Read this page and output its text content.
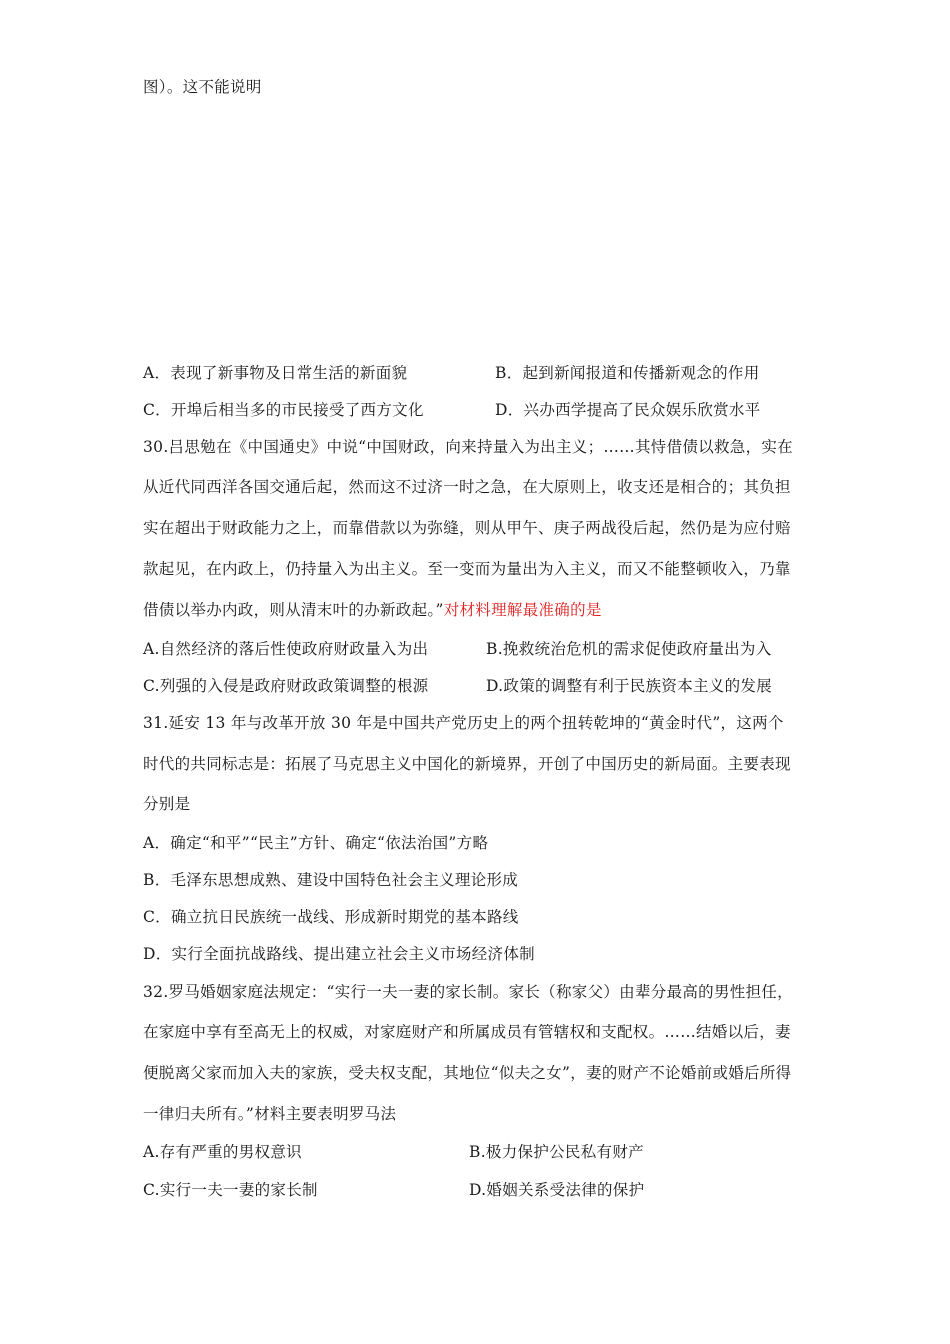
图）。这不能说明
A．表现了新事物及日常生活的新面貌	B．起到新闻报道和传播新观念的作用
C．开埠后相当多的市民接受了西方文化	D．兴办西学提高了民众娱乐欣赏水平
30.吕思勉在《中国通史》中说“中国财政，向来持量入为出主义；……其恃借债以救急，实在
从近代同西洋各国交通后起，然而这不过济一时之急，在大原则上，收支还是相合的；其负担
实在超出于财政能力之上，而靠借款以为弥缝，则从甲午、庚子两战役后起，然仍是为应付赔
款起见，在内政上，仍持量入为出主义。至一变而为量出为入主义，而又不能整顿收入，乃靠
借债以举办内政，则从清末叶的办新政起。”对材料理解最准确的是
A.自然经济的落后性使政府财政量入为出	B.挽救统治危机的需求促使政府量出为入
C.列强的入侵是政府财政政策调整的根源	D.政策的调整有利于民族资本主义的发展
31.延安 13 年与改革开放 30 年是中国共产党历史上的两个扭转乾坤的“黄金时代”，这两个
时代的共同标志是：拓展了马克思主义中国化的新境界，开创了中国历史的新局面。主要表现
分别是
A．确定“和平”“民主”方针、确定“依法治国”方略
B．毛泽东思想成熟、建设中国特色社会主义理论形成
C．确立抗日民族统一战线、形成新时期党的基本路线
D．实行全面抗战路线、提出建立社会主义市场经济体制
32.罗马婚姻家庭法规定：“实行一夫一妻的家长制。家长（称家父）由辈分最高的男性担任，
在家庭中享有至高无上的权威，对家庭财产和所属成员有管辖权和支配权。……结婚以后，妻
便脱离父家而加入夫的家族，受夫权支配，其地位“似夫之女”，妻的财产不论婚前或婚后所得
一律归夫所有。”材料主要表明罗马法
A.存有严重的男权意识	B.极力保护公民私有财产
C.实行一夫一妻的家长制	D.婚姻关系受法律的保护
